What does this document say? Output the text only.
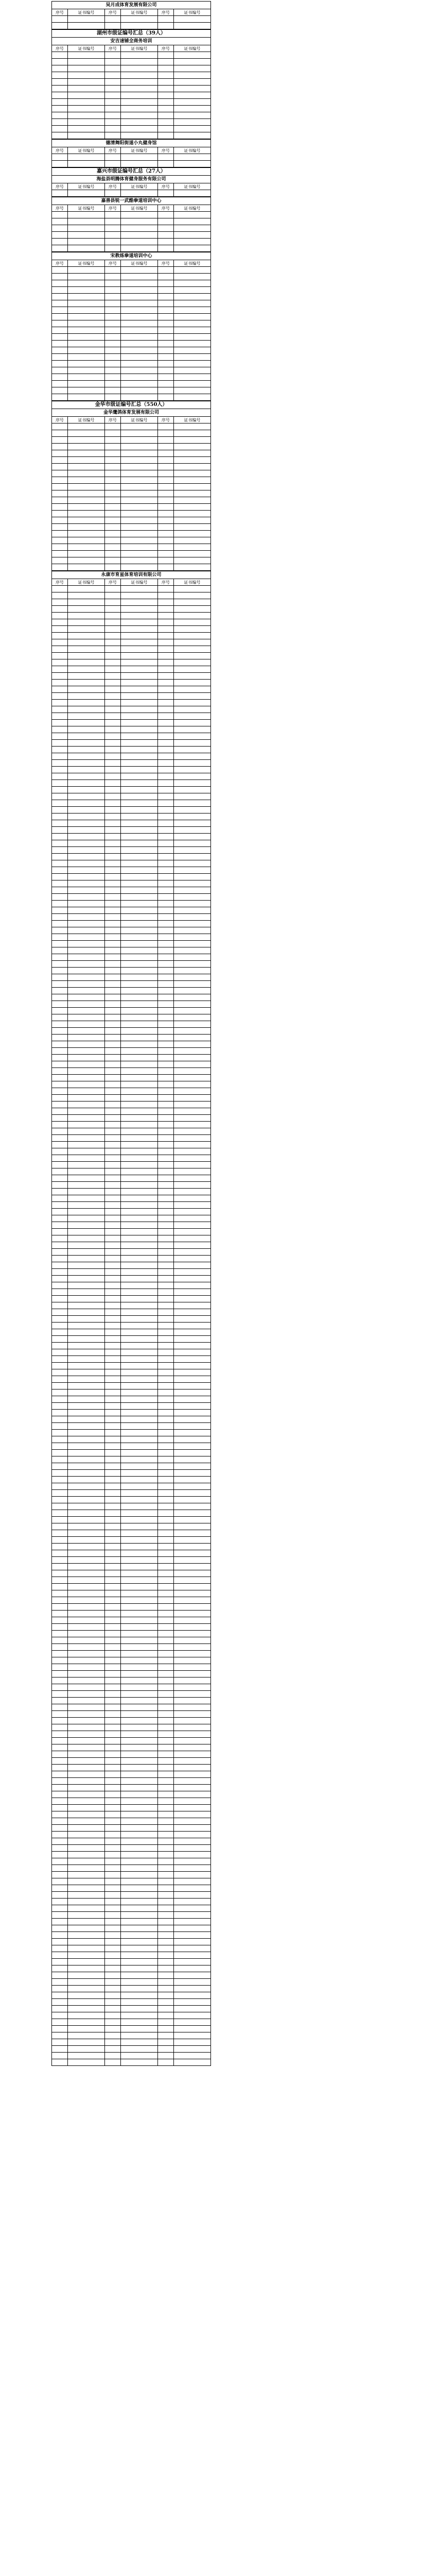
吴月成体育发展有限公司
序号	证书编号	序号	证书编号	序号	证书编号

湖州市级证编号汇总（39人）
安吉速铺全商务培训
序号	证书编号	序号	证书编号	序号	证书编号

德清舞阳街道小丸健身馆
序号	证书编号	序号	证书编号	序号	证书编号

嘉兴市级证编号汇总（27人）
海盐县明腾体育健身服务有限公司
序号	证书编号	序号	证书编号	序号	证书编号

嘉善县锐一武酷拳道培训中心
序号	证书编号	序号	证书编号	序号	证书编号

宋教练拳道培训中心
序号	证书编号	序号	证书编号	序号	证书编号

金华市级证编号汇总（550人）
金华鹰鸽体育发展有限公司
序号	证书编号	序号	证书编号	序号	证书编号

永康市育星体育培训有限公司
序号	证书编号	序号	证书编号	序号	证书编号
